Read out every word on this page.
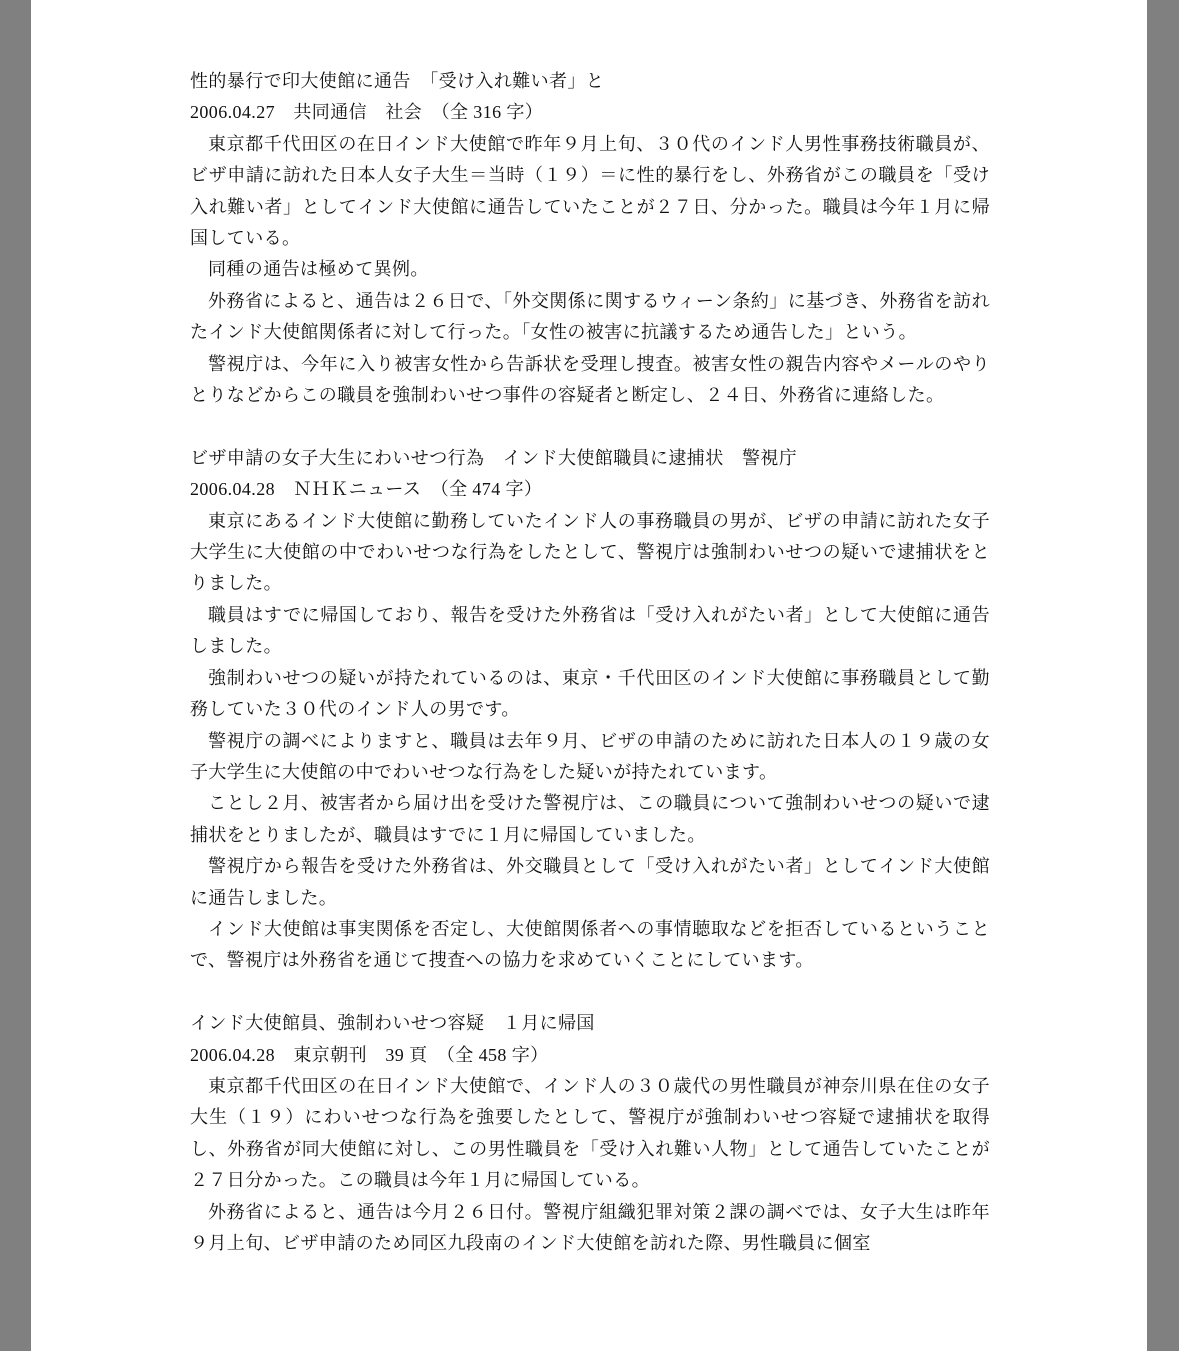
性的暴行で印大使館に通告　「受け入れ難い者」と

2006.04.27　共同通信　社会　（全 316 字）

東京都千代田区の在日インド大使館で昨年９月上旬、３０代のインド人男性事務技術職員が、ビザ申請に訪れた日本人女子大生＝当時（１９）＝に性的暴行をし、外務省がこの職員を「受け入れ難い者」としてインド大使館に通告していたことが２７日、分かった。職員は今年１月に帰国している。

同種の通告は極めて異例。

外務省によると、通告は２６日で、「外交関係に関するウィーン条約」に基づき、外務省を訪れたインド大使館関係者に対して行った。「女性の被害に抗議するため通告した」という。

警視庁は、今年に入り被害女性から告訴状を受理し捜査。被害女性の親告内容やメールのやりとりなどからこの職員を強制わいせつ事件の容疑者と断定し、２４日、外務省に連絡した。

ビザ申請の女子大生にわいせつ行為　インド大使館職員に逮捕状　警視庁

2006.04.28　ＮＨＫニュース　（全 474 字）

東京にあるインド大使館に勤務していたインド人の事務職員の男が、ビザの申請に訪れた女子大学生に大使館の中でわいせつな行為をしたとして、警視庁は強制わいせつの疑いで逮捕状をとりました。

職員はすでに帰国しており、報告を受けた外務省は「受け入れがたい者」として大使館に通告しました。

強制わいせつの疑いが持たれているのは、東京・千代田区のインド大使館に事務職員として勤務していた３０代のインド人の男です。

警視庁の調べによりますと、職員は去年９月、ビザの申請のために訪れた日本人の１９歳の女子大学生に大使館の中でわいせつな行為をした疑いが持たれています。

ことし２月、被害者から届け出を受けた警視庁は、この職員について強制わいせつの疑いで逮捕状をとりましたが、職員はすでに１月に帰国していました。

警視庁から報告を受けた外務省は、外交職員として「受け入れがたい者」としてインド大使館に通告しました。

インド大使館は事実関係を否定し、大使館関係者への事情聴取などを拒否しているということで、警視庁は外務省を通じて捜査への協力を求めていくことにしています。

インド大使館員、強制わいせつ容疑　１月に帰国

2006.04.28　東京朝刊　39 頁　（全 458 字）

東京都千代田区の在日インド大使館で、インド人の３０歳代の男性職員が神奈川県在住の女子大生（１９）にわいせつな行為を強要したとして、警視庁が強制わいせつ容疑で逮捕状を取得し、外務省が同大使館に対し、この男性職員を「受け入れ難い人物」として通告していたことが２７日分かった。この職員は今年１月に帰国している。

外務省によると、通告は今月２６日付。警視庁組織犯罪対策２課の調べでは、女子大生は昨年９月上旬、ビザ申請のため同区九段南のインド大使館を訪れた際、男性職員に個室
